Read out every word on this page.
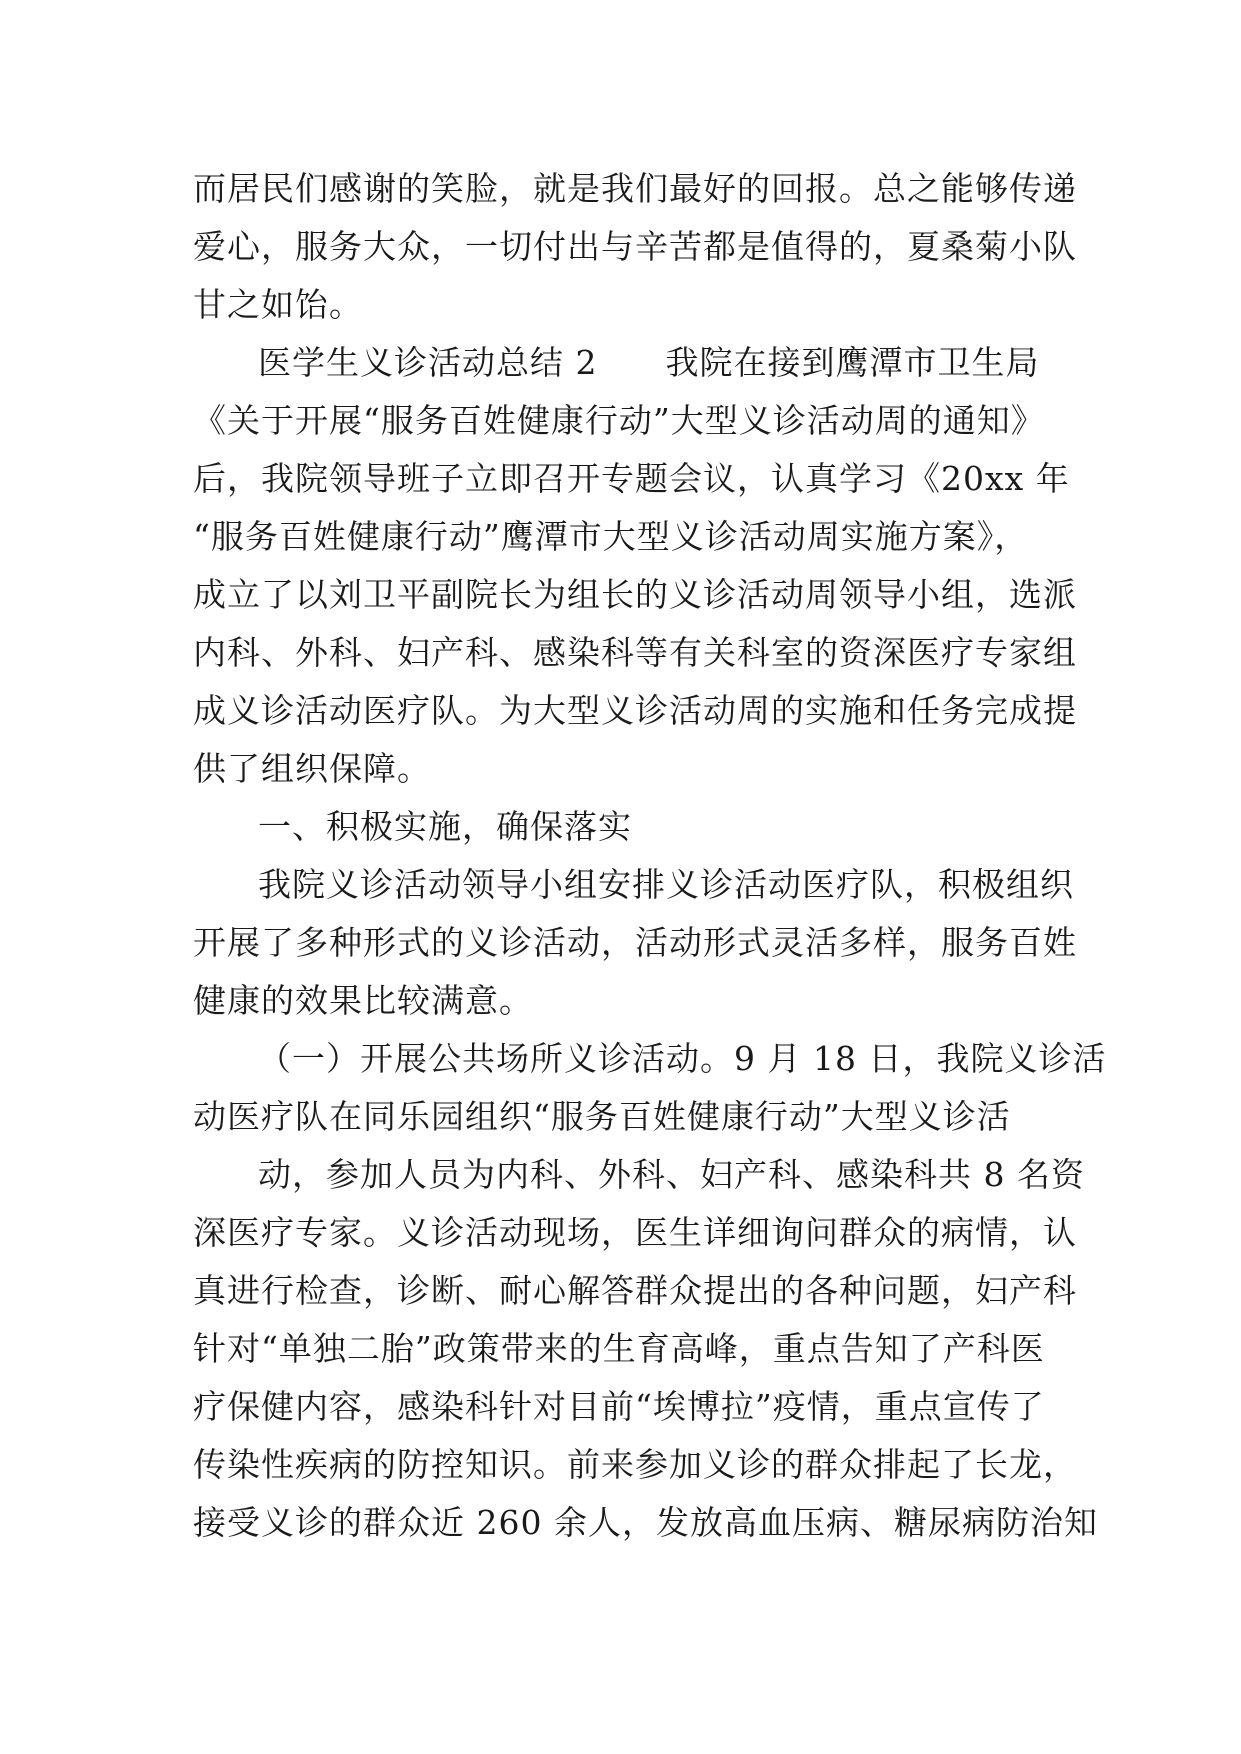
而居民们感谢的笑脸，就是我们最好的回报。总之能够传递
爱心，服务大众，一切付出与辛苦都是值得的，夏桑菊小队
甘之如饴。
医学生义诊活动总结 2　　我院在接到鹰潭市卫生局
《关于开展“服务百姓健康行动”大型义诊活动周的通知》
后，我院领导班子立即召开专题会议，认真学习《20xx 年
“服务百姓健康行动”鹰潭市大型义诊活动周实施方案》，
成立了以刘卫平副院长为组长的义诊活动周领导小组，选派
内科、外科、妇产科、感染科等有关科室的资深医疗专家组
成义诊活动医疗队。为大型义诊活动周的实施和任务完成提
供了组织保障。
一、积极实施，确保落实
我院义诊活动领导小组安排义诊活动医疗队，积极组织
开展了多种形式的义诊活动，活动形式灵活多样，服务百姓
健康的效果比较满意。
（一）开展公共场所义诊活动。9 月 18 日，我院义诊活
动医疗队在同乐园组织“服务百姓健康行动”大型义诊活
动，参加人员为内科、外科、妇产科、感染科共 8 名资
深医疗专家。义诊活动现场，医生详细询问群众的病情，认
真进行检查，诊断、耐心解答群众提出的各种问题，妇产科
针对“单独二胎”政策带来的生育高峰，重点告知了产科医
疗保健内容，感染科针对目前“埃博拉”疫情，重点宣传了
传染性疾病的防控知识。前来参加义诊的群众排起了长龙，
接受义诊的群众近 260 余人，发放高血压病、糖尿病防治知
